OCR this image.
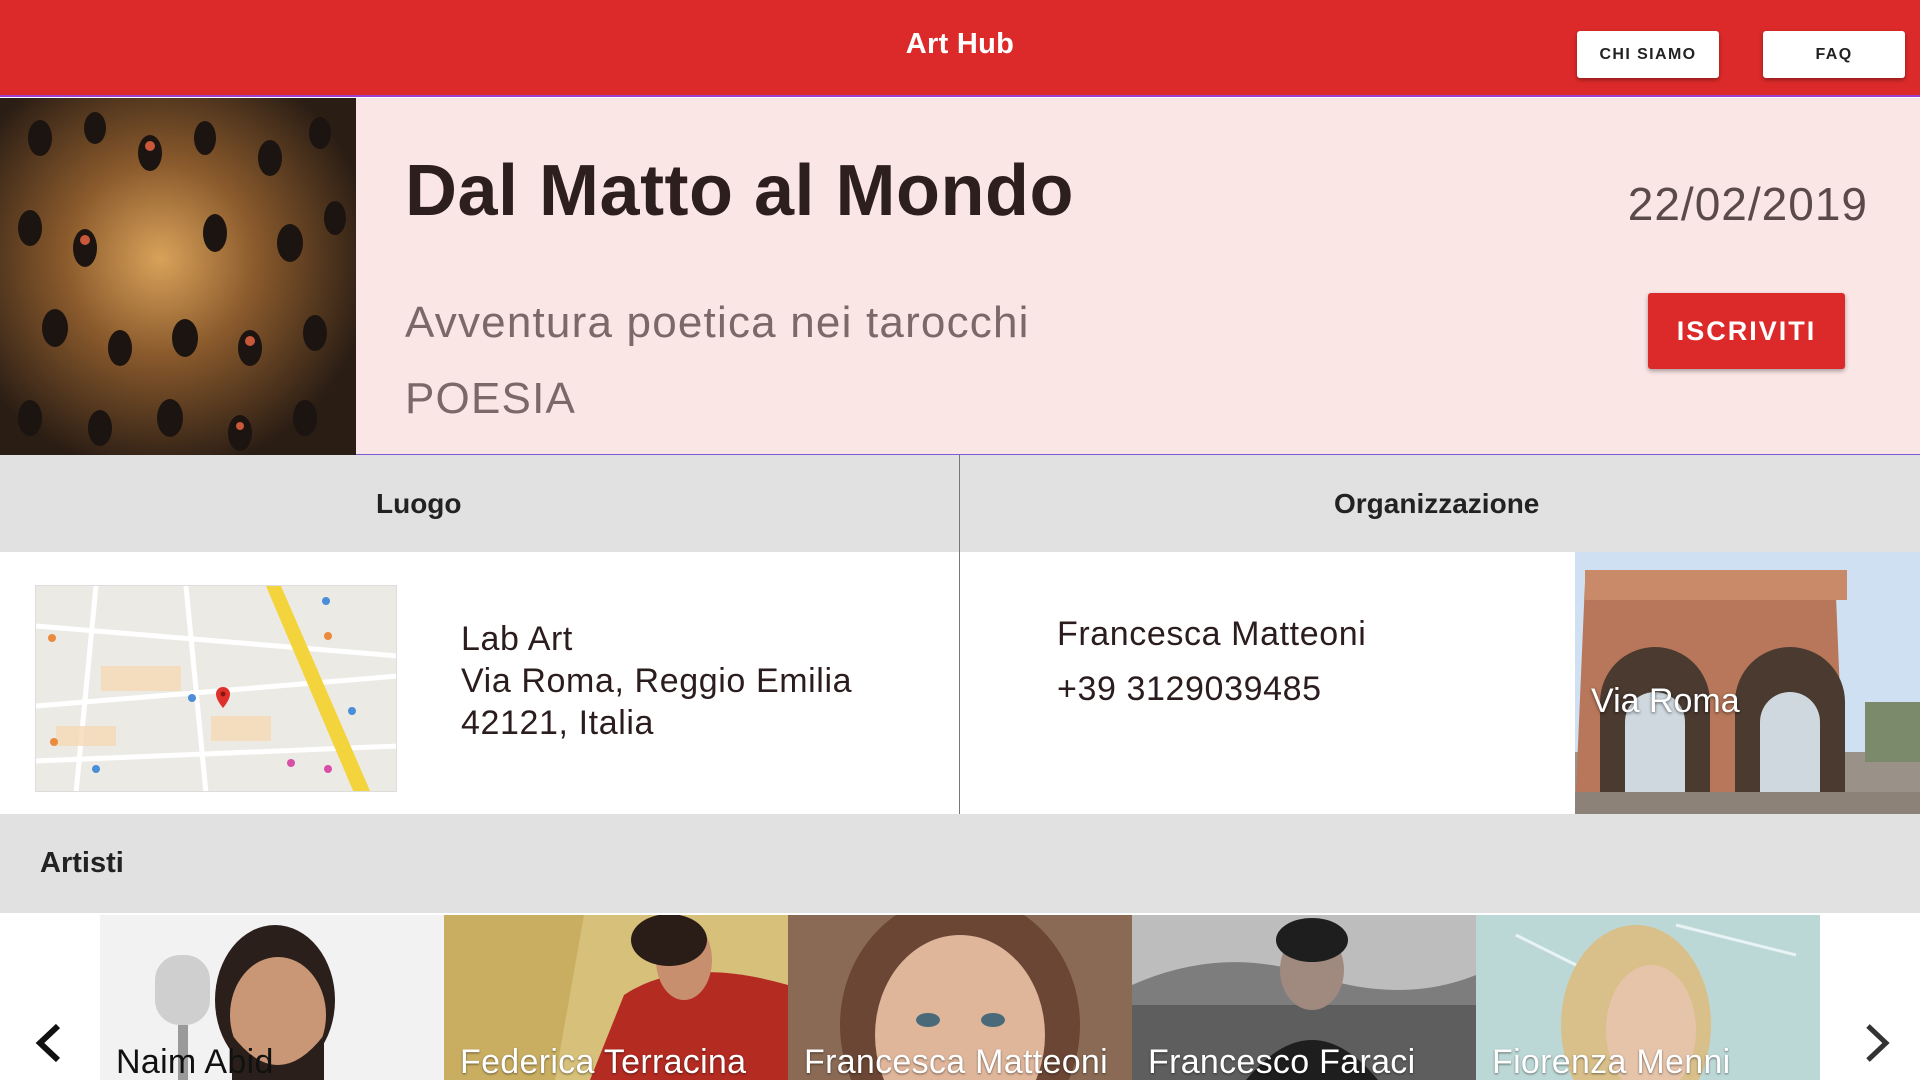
Art Hub	CHI SIAMO	FAQ
Dal Matto al Mondo	22/02/2019
Avventura poetica nei tarocchi
POESIA
ISCRIVITI
Luogo	Organizzazione
Lab Art
Via Roma, Reggio Emilia
42121, Italia
Francesca Matteoni
+39 3129039485	Via Roma
Artisti
Naim Abid	Federica Terracina Francesca Matteoni Francesco Faraci Fiorenza Menni
